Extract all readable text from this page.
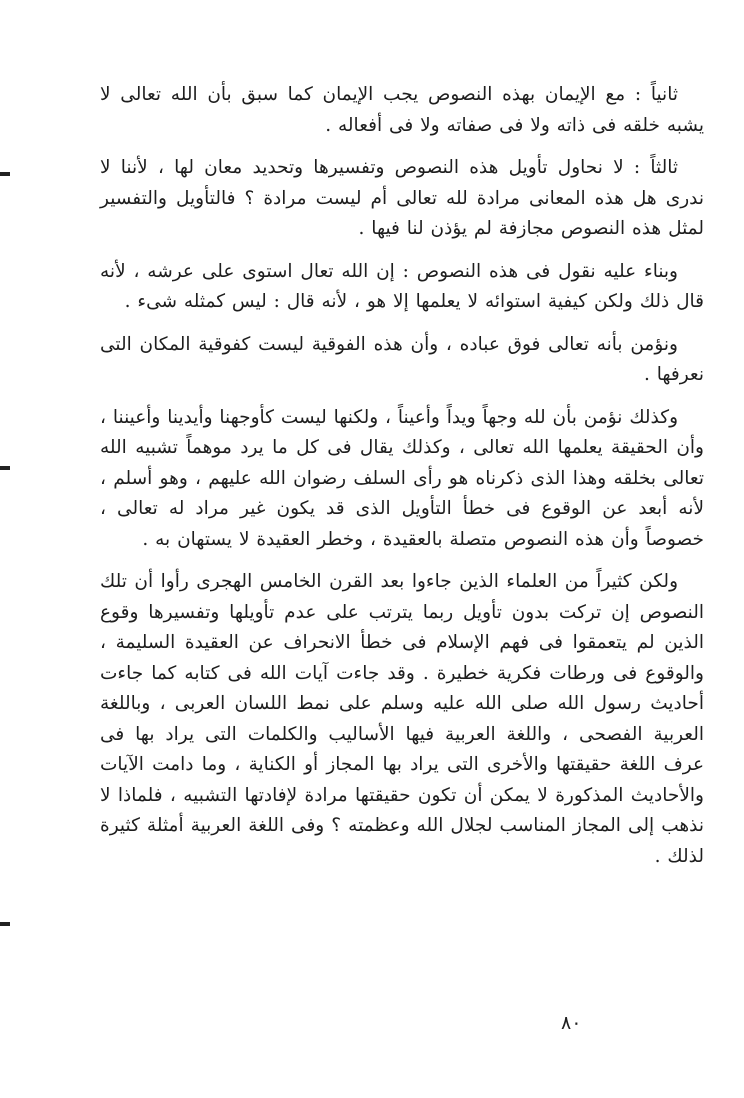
ثانياً : مع الإيمان بهذه النصوص يجب الإيمان كما سبق بأن الله تعالى لا يشبه خلقه فى ذاته ولا فى صفاته ولا فى أفعاله .

ثالثاً : لا نحاول تأويل هذه النصوص وتفسيرها وتحديد معان لها ، لأننا لا ندرى هل هذه المعانى مرادة لله تعالى أم ليست مرادة ؟ فالتأويل والتفسير لمثل هذه النصوص مجازفة لم يؤذن لنا فيها .

وبناء عليه نقول فى هذه النصوص : إن الله تعال استوى على عرشه ، لأنه قال ذلك ولكن كيفية استوائه لا يعلمها إلا هو ، لأنه قال : ليس كمثله شىء .

ونؤمن بأنه تعالى فوق عباده ، وأن هذه الفوقية ليست كفوقية المكان التى نعرفها .

وكذلك نؤمن بأن لله وجهاً ويداً وأعيناً ، ولكنها ليست كأوجهنا وأيدينا وأعيننا ، وأن الحقيقة يعلمها الله تعالى ، وكذلك يقال فى كل ما يرد موهماً تشبيه الله تعالى بخلقه وهذا الذى ذكرناه هو رأى السلف رضوان الله عليهم ، وهو أسلم ، لأنه أبعد عن الوقوع فى خطأ التأويل الذى قد يكون غير مراد له تعالى ، خصوصاً وأن هذه النصوص متصلة بالعقيدة ، وخطر العقيدة لا يستهان به .

ولكن كثيراً من العلماء الذين جاءوا بعد القرن الخامس الهجرى رأوا أن تلك النصوص إن تركت بدون تأويل ربما يترتب على عدم تأويلها وتفسيرها وقوع الذين لم يتعمقوا فى فهم الإسلام فى خطأ الانحراف عن العقيدة السليمة ، والوقوع فى ورطات فكرية خطيرة . وقد جاءت آيات الله فى كتابه كما جاءت أحاديث رسول الله صلى الله عليه وسلم على نمط اللسان العربى ، وباللغة العربية الفصحى ، واللغة العربية فيها الأساليب والكلمات التى يراد بها فى عرف اللغة حقيقتها والأخرى التى يراد بها المجاز أو الكناية ، وما دامت الآيات والأحاديث المذكورة لا يمكن أن تكون حقيقتها مرادة لإفادتها التشبيه ، فلماذا لا نذهب إلى المجاز المناسب لجلال الله وعظمته ؟ وفى اللغة العربية أمثلة كثيرة لذلك .

٨٠
